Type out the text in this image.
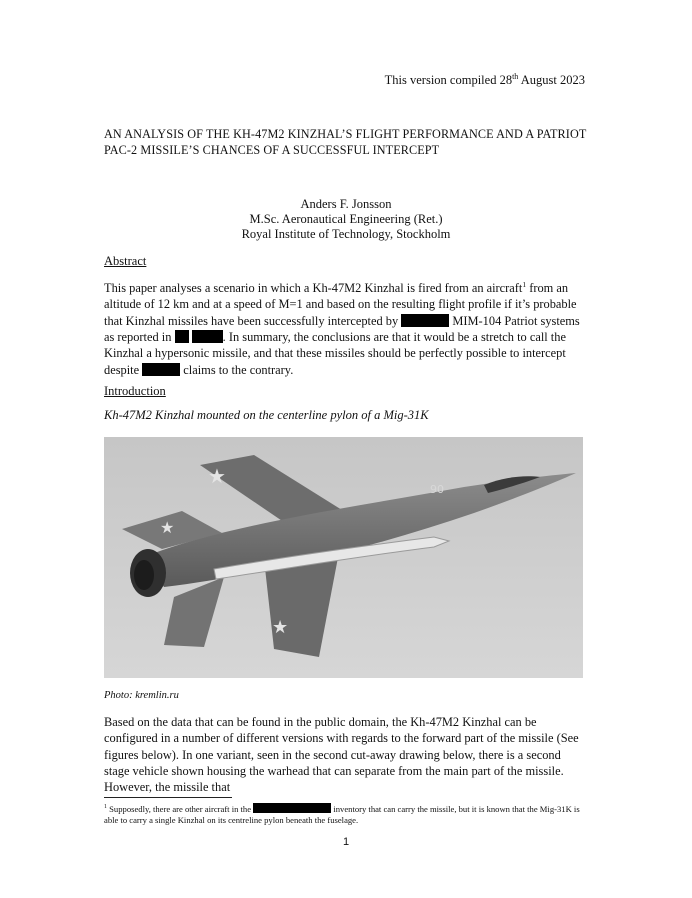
This version compiled 28th August 2023
AN ANALYSIS OF THE KH-47M2 KINZHAL’S FLIGHT PERFORMANCE AND A PATRIOT
PAC-2 MISSILE’S CHANCES OF A SUCCESSFUL INTERCEPT
Anders F. Jonsson
M.Sc. Aeronautical Engineering (Ret.)
Royal Institute of Technology, Stockholm
Abstract
This paper analyses a scenario in which a Kh-47M2 Kinzhal is fired from an aircraft$^1$ from an altitude of 12 km and at a speed of M=1 and based on the resulting flight profile if it’s probable that Kinzhal missiles have been successfully intercepted by	MIM-104 Patriot systems as reported in	. In summary, the conclusions are that it would be a stretch to call the Kinzhal a hypersonic missile, and that these missiles should be perfectly possible to intercept despite	claims to the contrary.
Introduction
Kh-47M2 Kinzhal mounted on the centerline pylon of a Mig-31K
★
★
★
90
Photo: kremlin.ru
Based on the data that can be found in the public domain, the Kh-47M2 Kinzhal can be configured in a number of different versions with regards to the forward part of the missile (See figures below). In one variant, seen in the second cut-away drawing below, there is a second stage vehicle shown housing the warhead that can separate from the main part of the missile. However, the missile that
$^1$ Supposedly, there are other aircraft in the	inventory that can carry the missile, but it is known that the Mig-31K is able to carry a single Kinzhal on its centreline pylon beneath the fuselage.
1
